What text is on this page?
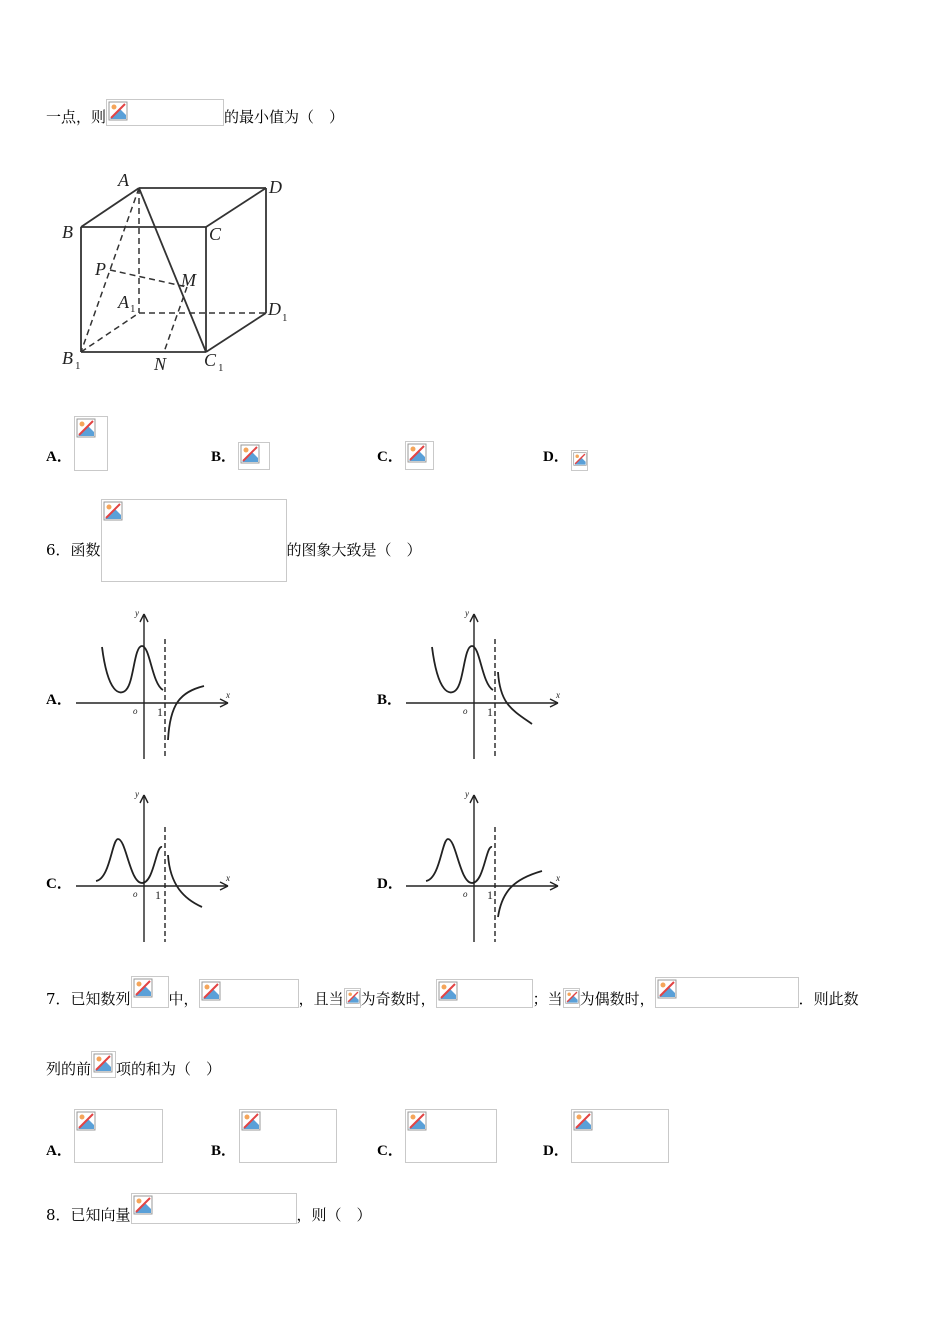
一点，则	的最小值为（　）
A	D
B	C
P
M
A	D
B	N C
1
1
1	1
A．	B．	C．	D．
6．函数	的图象大致是（　）
A．	x
y
o 1
B．	x
y
o 1
C．	x
y
o 1
D．	x
y
o 1
7．已知数列	中，	，且当 为奇数时，	；当 为偶数时，	．则此数
列的前 项的和为（　）
A．	B．	C．	D．
8．已知向量	，则（　）
